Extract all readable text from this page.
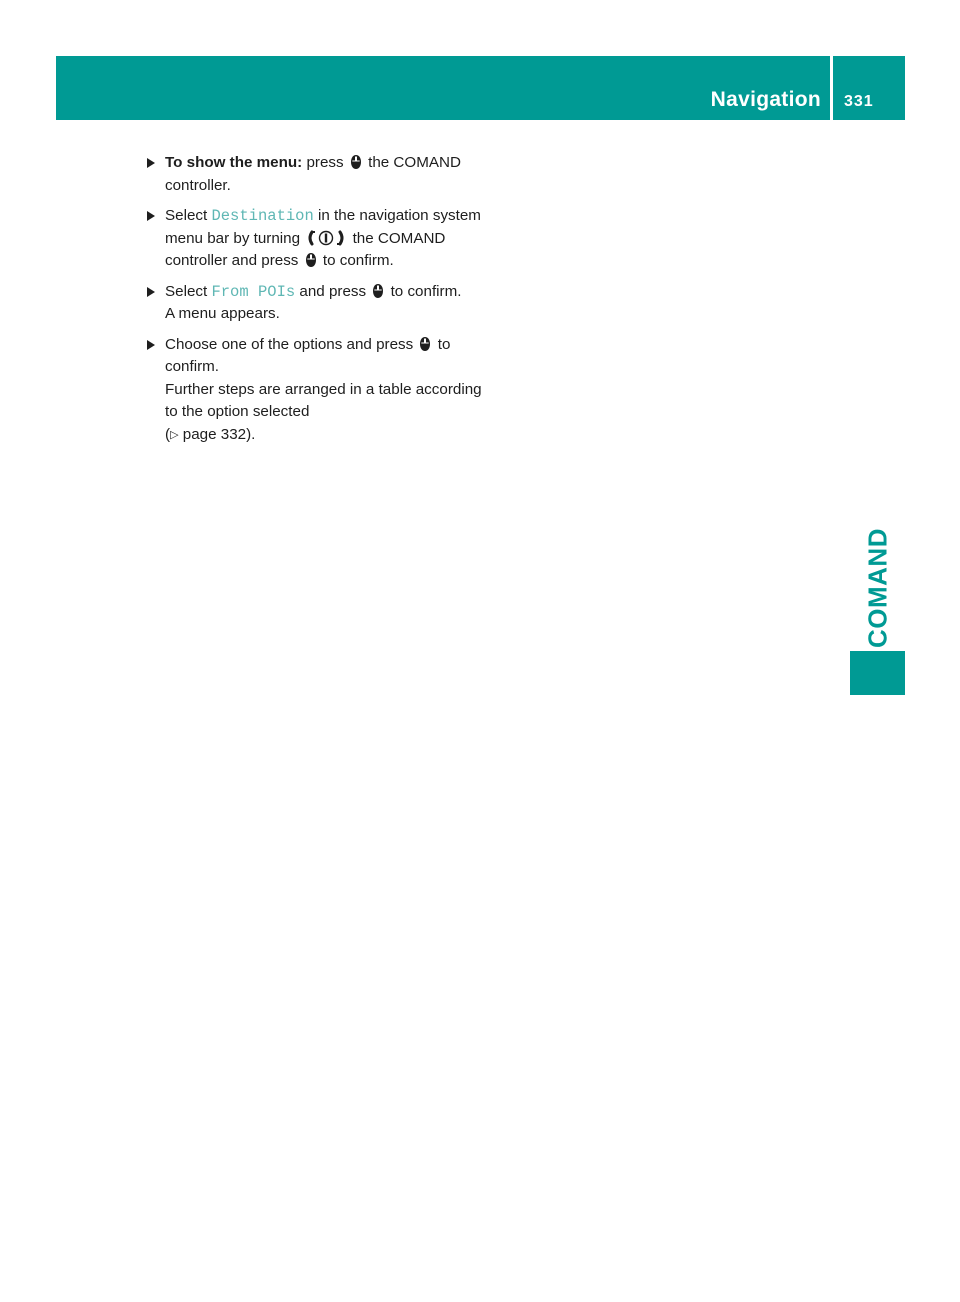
Navigation 331
COMAND
To show the menu: press the COMAND controller.
Select Destination in the navigation system menu bar by turning	the COMAND controller and press to confirm.
Select From POIs and press to confirm.
A menu appears.
Choose one of the options and press to confirm.
Further steps are arranged in a table according to the option selected
(▷ page 332).
